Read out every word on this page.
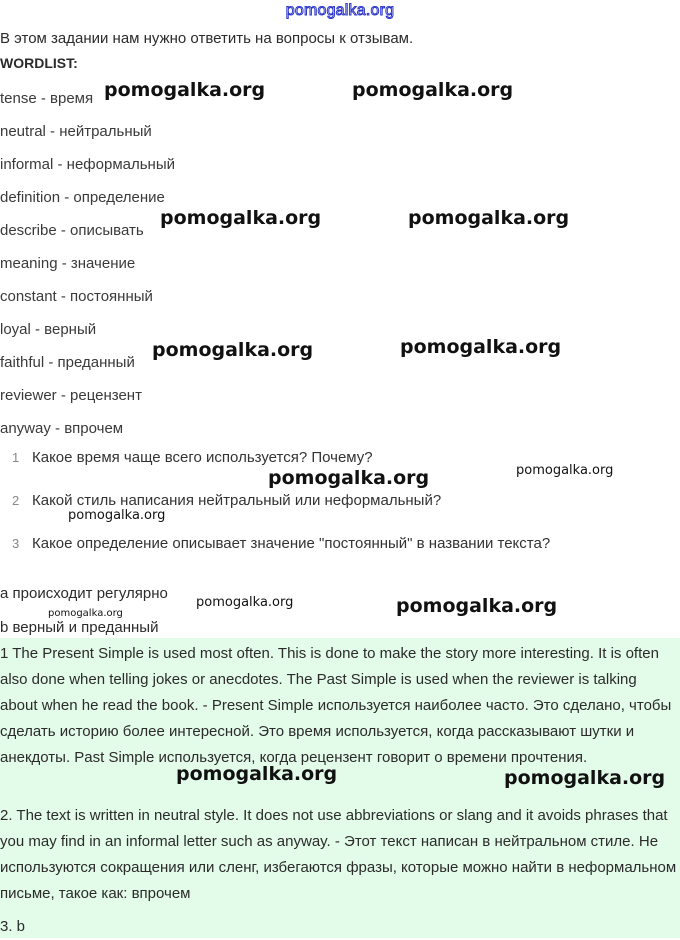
pomogalka.org
В этом задании нам нужно ответить на вопросы к отзывам.
WORDLIST:
tense - время
neutral - нейтральный
informal - неформальный
definition - определение
describe - описывать
meaning - значение
constant - постоянный
loyal - верный
faithful - преданный
reviewer - рецензент
anyway - впрочем
1 Какое время чаще всего используется? Почему?
2 Какой стиль написания нейтральный или неформальный?
3 Какое определение описывает значение "постоянный" в названии текста?
а происходит регулярно
b верный и преданный
1 The Present Simple is used most often. This is done to make the story more interesting. It is often also done when telling jokes or anecdotes. The Past Simple is used when the reviewer is talking about when he read the book. - Present Simple используется наиболее часто. Это сделано, чтобы сделать историю более интересной. Это время используется, когда рассказывают шутки и анекдоты. Past Simple используется, когда рецензент говорит о времени прочтения.
2. The text is written in neutral style. It does not use abbreviations or slang and it avoids phrases that you may find in an informal letter such as anyway. - Этот текст написан в нейтральном стиле. Не используются сокращения или сленг, избегаются фразы, которые можно найти в неформальном письме, такое как: впрочем
3. b
pomogalka.org	pomogalka.org
pomogalka.org	pomogalka.org
pomogalka.org	pomogalka.org
pomogalka.org	pomogalka.org
pomogalka.org
pomogalka.org	pomogalka.org
pomogalka.org
pomogalka.org	pomogalka.org
